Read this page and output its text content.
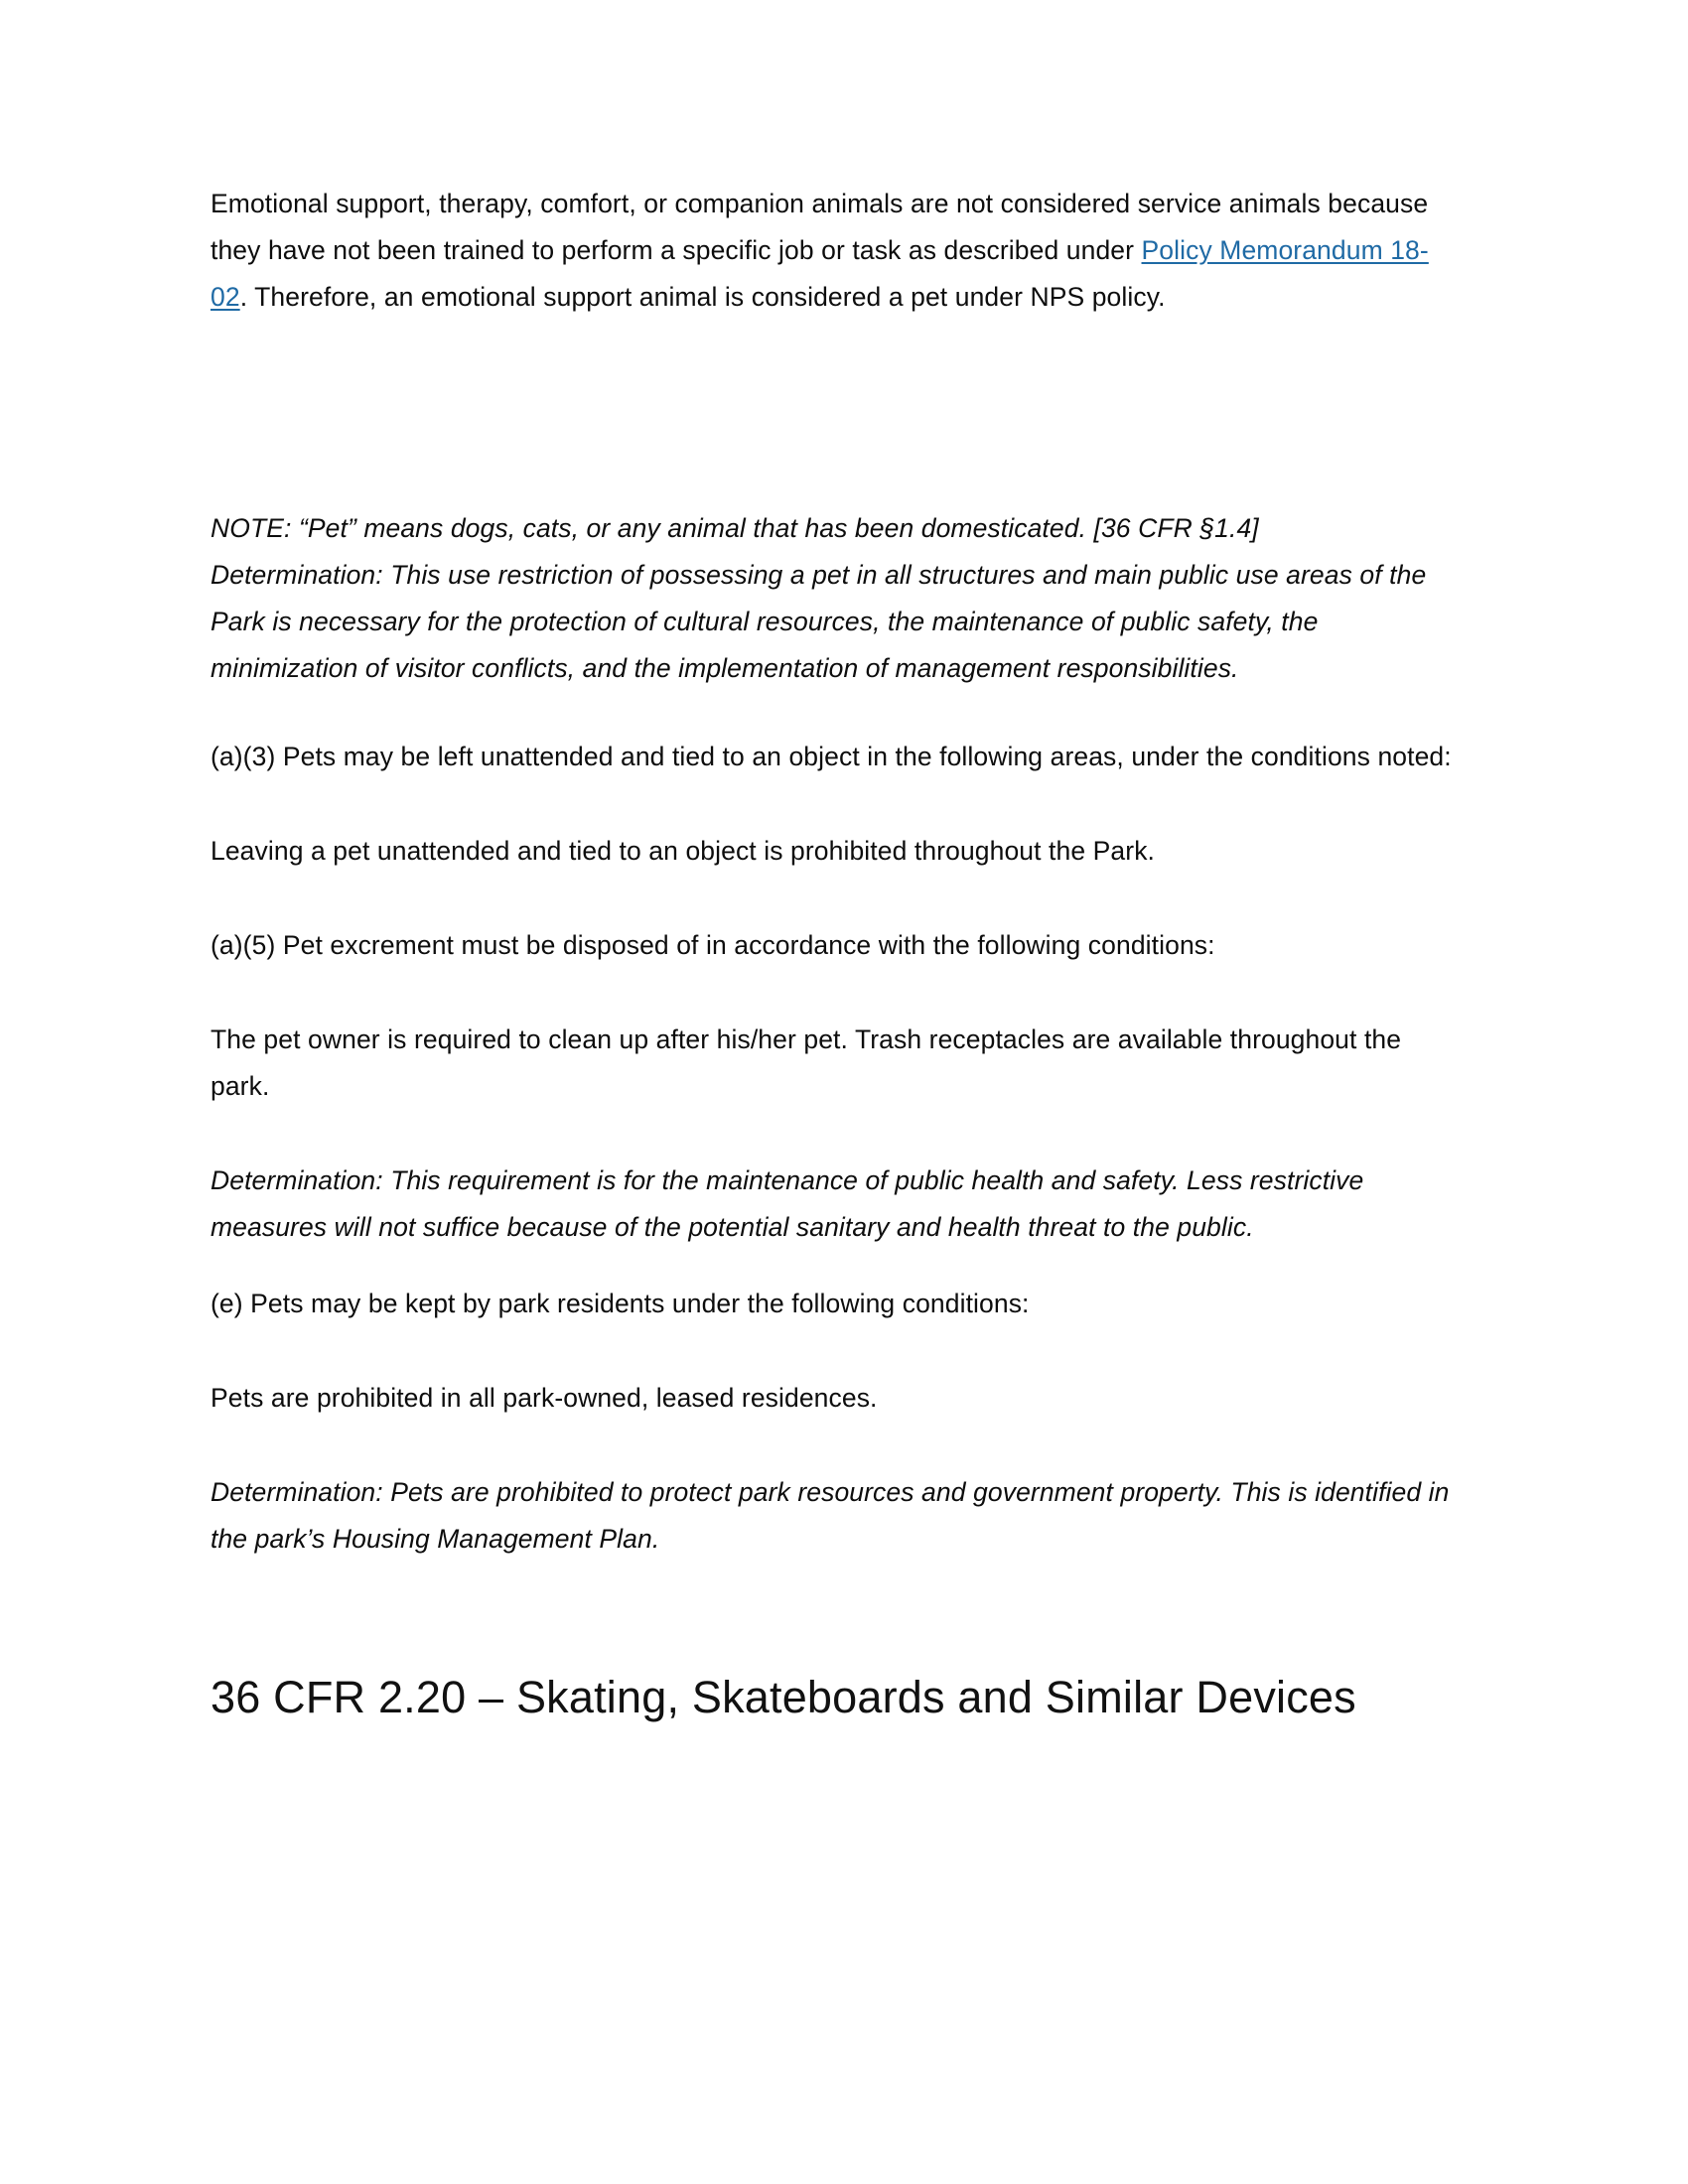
Emotional support, therapy, comfort, or companion animals are not considered service animals because they have not been trained to perform a specific job or task as described under Policy Memorandum 18-02. Therefore, an emotional support animal is considered a pet under NPS policy.

NOTE: “Pet” means dogs, cats, or any animal that has been domesticated. [36 CFR §1.4]

Determination: This use restriction of possessing a pet in all structures and main public use areas of the Park is necessary for the protection of cultural resources, the maintenance of public safety, the minimization of visitor conflicts, and the implementation of management responsibilities.

(a)(3) Pets may be left unattended and tied to an object in the following areas, under the conditions noted:

Leaving a pet unattended and tied to an object is prohibited throughout the Park.

(a)(5) Pet excrement must be disposed of in accordance with the following conditions:

The pet owner is required to clean up after his/her pet. Trash receptacles are available throughout the park.

Determination: This requirement is for the maintenance of public health and safety. Less restrictive measures will not suffice because of the potential sanitary and health threat to the public.

(e) Pets may be kept by park residents under the following conditions:

Pets are prohibited in all park-owned, leased residences.

Determination: Pets are prohibited to protect park resources and government property. This is identified in the park’s Housing Management Plan.

36 CFR 2.20 – Skating, Skateboards and Similar Devices
